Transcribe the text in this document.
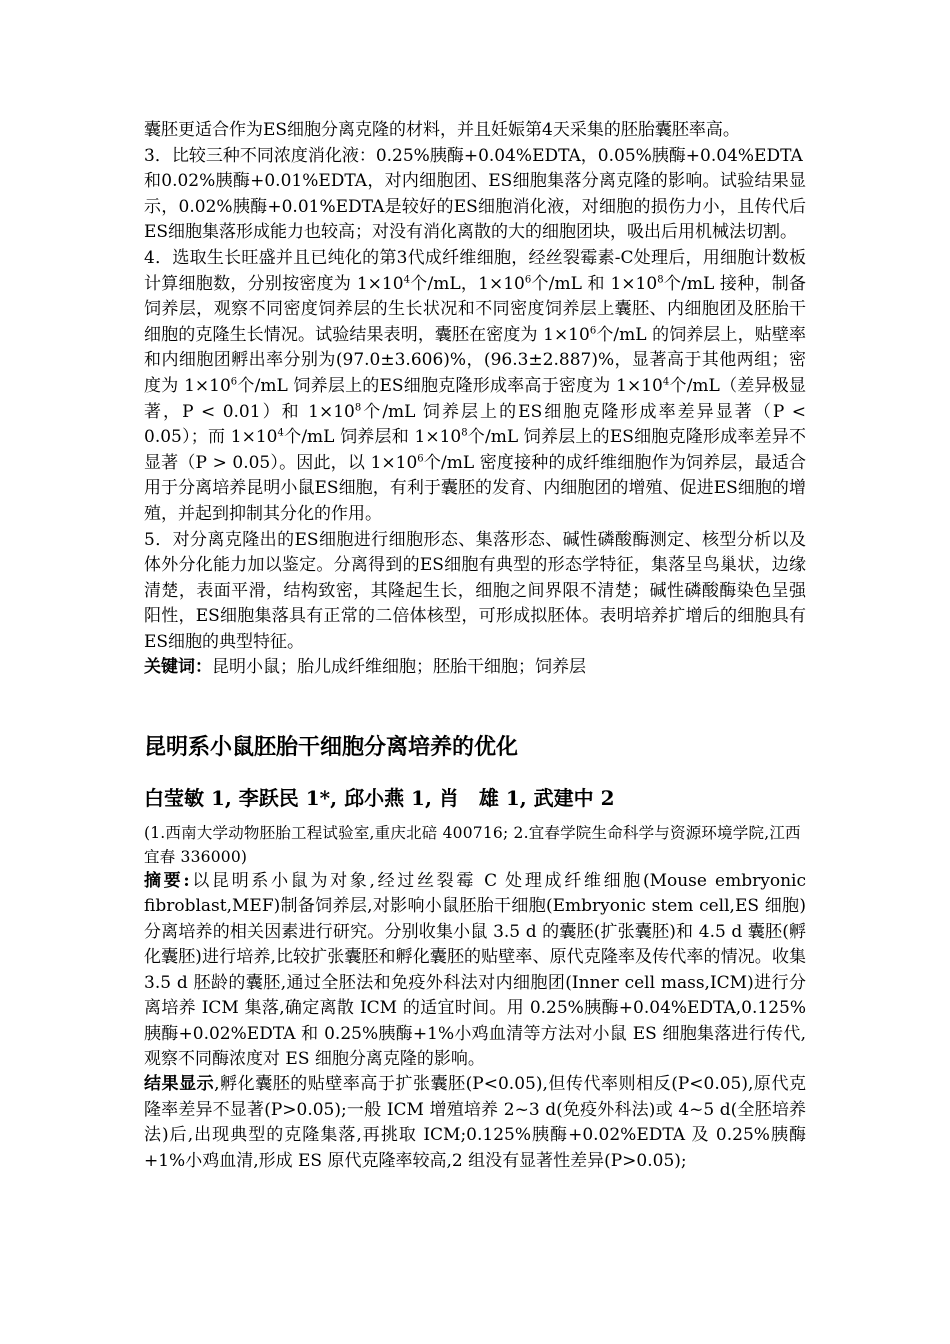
囊胚更适合作为ES细胞分离克隆的材料，并且妊娠第4天采集的胚胎囊胚率高。

3．比较三种不同浓度消化液：0.25%胰酶+0.04%EDTA，0.05%胰酶+0.04%EDTA

和0.02%胰酶+0.01%EDTA，对内细胞团、ES细胞集落分离克隆的影响。试验结果显示，0.02%胰酶+0.01%EDTA是较好的ES细胞消化液，对细胞的损伤力小，且传代后ES细胞集落形成能力也较高；对没有消化离散的大的细胞团块，吸出后用机械法切割。

4．选取生长旺盛并且已纯化的第3代成纤维细胞，经丝裂霉素-C处理后，用细胞计数板计算细胞数，分别按密度为 $1\times 10^4$个/mL，$1\times 10^6$个/mL 和 $1\times 10^8$个/mL 接种，制备饲养层，观察不同密度饲养层的生长状况和不同密度饲养层上囊胚、内细胞团及胚胎干细胞的克隆生长情况。试验结果表明，囊胚在密度为 $1\times 10^6$个/mL 的饲养层上，贴壁率和内细胞团孵出率分别为(97.0±3.606)%，(96.3±2.887)%，显著高于其他两组；密度为 $1\times 10^6$个/mL 饲养层上的ES细胞克隆形成率高于密度为 $1\times 10^4$个/mL（差异极显著，P < 0.01）和 $1\times 10^8$个/mL 饲养层上的ES细胞克隆形成率差异显著（P < 0.05）；而 $1\times 10^4$个/mL 饲养层和 $1\times 10^8$个/mL 饲养层上的ES细胞克隆形成率差异不显著（P > 0.05）。因此，以 $1\times 10^6$个/mL 密度接种的成纤维细胞作为饲养层，最适合用于分离培养昆明小鼠ES细胞，有利于囊胚的发育、内细胞团的增殖、促进ES细胞的增殖，并起到抑制其分化的作用。

5．对分离克隆出的ES细胞进行细胞形态、集落形态、碱性磷酸酶测定、核型分析以及体外分化能力加以鉴定。分离得到的ES细胞有典型的形态学特征，集落呈鸟巢状，边缘清楚，表面平滑，结构致密，其隆起生长，细胞之间界限不清楚；碱性磷酸酶染色呈强阳性，ES细胞集落具有正常的二倍体核型，可形成拟胚体。表明培养扩增后的细胞具有ES细胞的典型特征。

关键词：昆明小鼠；胎儿成纤维细胞；胚胎干细胞；饲养层

昆明系小鼠胚胎干细胞分离培养的优化
白莹敏 1, 李跃民 1*, 邱小燕 1, 肖　雄 1, 武建中 2

(1.西南大学动物胚胎工程试验室,重庆北碚 400716; 2.宜春学院生命科学与资源环境学院,江西宜春 336000)

摘要:以昆明系小鼠为对象,经过丝裂霉 C 处理成纤维细胞(Mouse embryonic fibroblast,MEF)制备饲养层,对影响小鼠胚胎干细胞(Embryonic stem cell,ES 细胞)分离培养的相关因素进行研究。分别收集小鼠 3.5 d 的囊胚(扩张囊胚)和 4.5 d 囊胚(孵化囊胚)进行培养,比较扩张囊胚和孵化囊胚的贴壁率、原代克隆率及传代率的情况。收集 3.5 d 胚龄的囊胚,通过全胚法和免疫外科法对内细胞团(Inner cell mass,ICM)进行分离培养 ICM 集落,确定离散 ICM 的适宜时间。用 0.25%胰酶+0.04%EDTA,0.125%胰酶+0.02%EDTA 和 0.25%胰酶+1%小鸡血清等方法对小鼠 ES 细胞集落进行传代,观察不同酶浓度对 ES 细胞分离克隆的影响。

结果显示,孵化囊胚的贴壁率高于扩张囊胚(P<0.05),但传代率则相反(P<0.05),原代克隆率差异不显著(P>0.05);一般 ICM 增殖培养 2~3 d(免疫外科法)或 4~5 d(全胚培养法)后,出现典型的克隆集落,再挑取 ICM;0.125%胰酶+0.02%EDTA 及 0.25%胰酶+1%小鸡血清,形成 ES 原代克隆率较高,2 组没有显著性差异(P>0.05);
